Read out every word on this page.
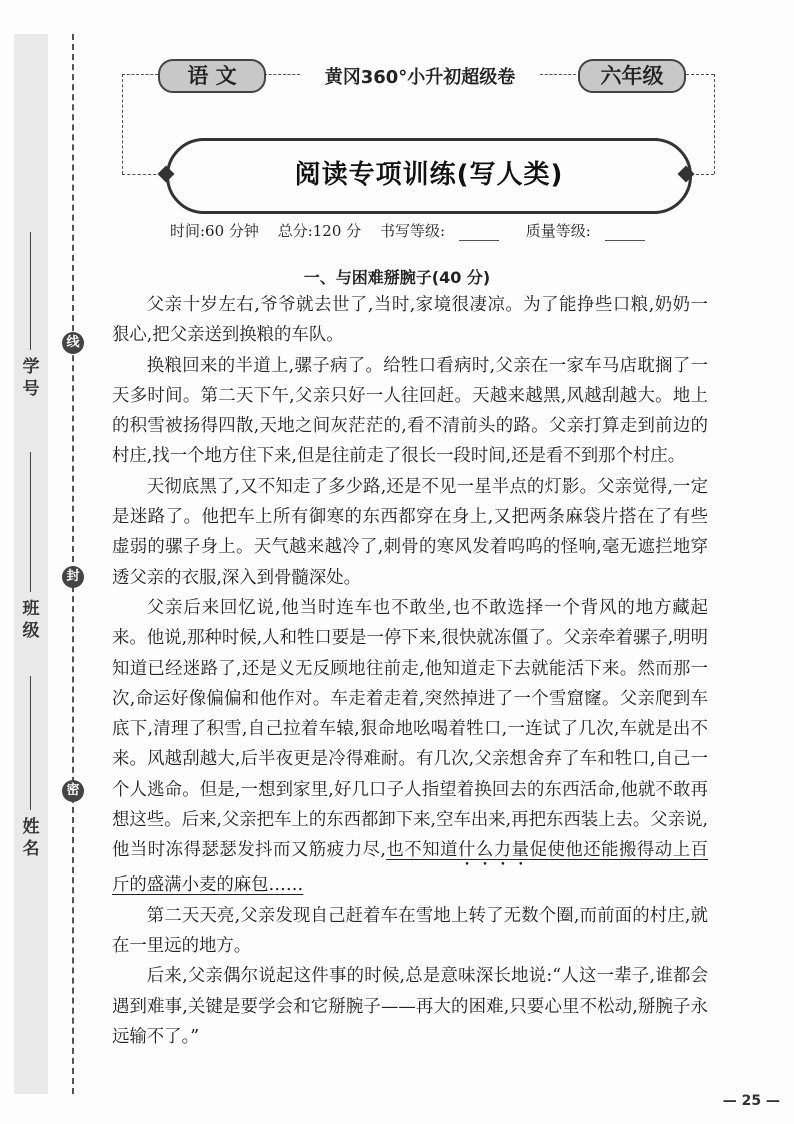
学号
班级
姓名
线
封
密
语 文	黄冈360°小升初超级卷	六年级
阅读专项训练(写人类)
时间:60 分钟 总分:120 分 书写等级:	质量等级:
一、与困难掰腕子(40 分)

父亲十岁左右,爷爷就去世了,当时,家境很凄凉。为了能挣些口粮,奶奶一狠心,把父亲送到换粮的车队。

换粮回来的半道上,骡子病了。给牲口看病时,父亲在一家车马店耽搁了一天多时间。第二天下午,父亲只好一人往回赶。天越来越黑,风越刮越大。地上的积雪被扬得四散,天地之间灰茫茫的,看不清前头的路。父亲打算走到前边的村庄,找一个地方住下来,但是往前走了很长一段时间,还是看不到那个村庄。

天彻底黑了,又不知走了多少路,还是不见一星半点的灯影。父亲觉得,一定是迷路了。他把车上所有御寒的东西都穿在身上,又把两条麻袋片搭在了有些虚弱的骡子身上。天气越来越冷了,刺骨的寒风发着呜呜的怪响,毫无遮拦地穿透父亲的衣服,深入到骨髓深处。

父亲后来回忆说,他当时连车也不敢坐,也不敢选择一个背风的地方藏起来。他说,那种时候,人和牲口要是一停下来,很快就冻僵了。父亲牵着骡子,明明知道已经迷路了,还是义无反顾地往前走,他知道走下去就能活下来。然而那一次,命运好像偏偏和他作对。车走着走着,突然掉进了一个雪窟窿。父亲爬到车底下,清理了积雪,自己拉着车辕,狠命地吆喝着牲口,一连试了几次,车就是出不来。风越刮越大,后半夜更是冷得难耐。有几次,父亲想舍弃了车和牲口,自己一个人逃命。但是,一想到家里,好几口子人指望着换回去的东西活命,他就不敢再想这些。后来,父亲把车上的东西都卸下来,空车出来,再把东西装上去。父亲说,他当时冻得瑟瑟发抖而又筋疲力尽,也不知道什么力量促使他还能搬得动上百斤的盛满小麦的麻包……

第二天天亮,父亲发现自己赶着车在雪地上转了无数个圈,而前面的村庄,就在一里远的地方。

后来,父亲偶尔说起这件事的时候,总是意味深长地说:“人这一辈子,谁都会遇到难事,关键是要学会和它掰腕子——再大的困难,只要心里不松动,掰腕子永远输不了。”

— 25 —
